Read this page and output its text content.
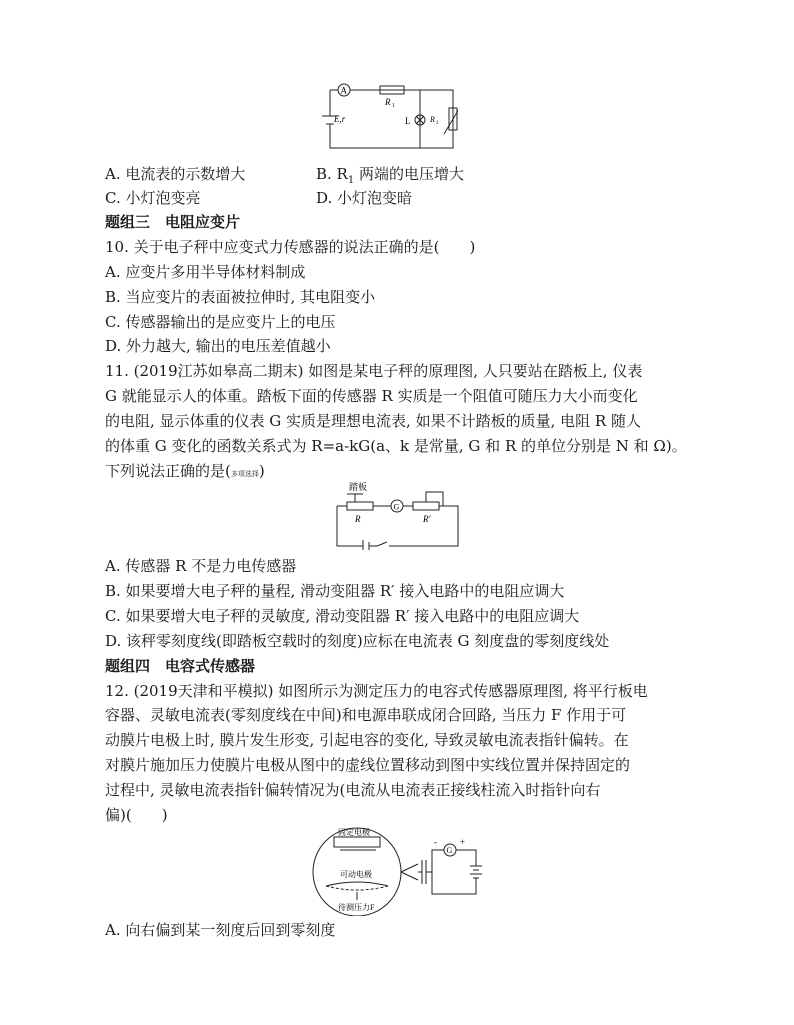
A
E,r
R 1
L R 2
A. 电流表的示数增大	B. $R_1$ 两端的电压增大
C. 小灯泡变亮	D. 小灯泡变暗
题组三　电阻应变片
10. 关于电子秤中应变式力传感器的说法正确的是(　　)
A. 应变片多用半导体材料制成
B. 当应变片的表面被拉伸时, 其电阻变小
C. 传感器输出的是应变片上的电压
D. 外力越大, 输出的电压差值越小
11. (2019江苏如皋高二期末) 如图是某电子秤的原理图, 人只要站在踏板上, 仪表
G 就能显示人的体重。踏板下面的传感器 R 实质是一个阻值可随压力大小而变化
的电阻, 显示体重的仪表 G 实质是理想电流表, 如果不计踏板的质量, 电阻 R 随人
的体重 G 变化的函数关系式为 R=a-kG(a、k 是常量, G 和 R 的单位分别是 N 和 Ω)。
下列说法正确的是(多项选择)
踏板
R
G
R′
A. 传感器 R 不是力电传感器
B. 如果要增大电子秤的量程, 滑动变阻器 R′ 接入电路中的电阻应调大
C. 如果要增大电子秤的灵敏度, 滑动变阻器 R′ 接入电路中的电阻应调大
D. 该秤零刻度线(即踏板空载时的刻度)应标在电流表 G 刻度盘的零刻度线处
题组四　电容式传感器
12. (2019天津和平模拟) 如图所示为测定压力的电容式传感器原理图, 将平行板电
容器、灵敏电流表(零刻度线在中间)和电源串联成闭合回路, 当压力 F 作用于可
动膜片电极上时, 膜片发生形变, 引起电容的变化, 导致灵敏电流表指针偏转。在
对膜片施加压力使膜片电极从图中的虚线位置移动到图中实线位置并保持固定的
过程中, 灵敏电流表指针偏转情况为(电流从电流表正接线柱流入时指针向右
偏)(　　)
固定电极
可动电极
待测压力F
G
-	+
A. 向右偏到某一刻度后回到零刻度
